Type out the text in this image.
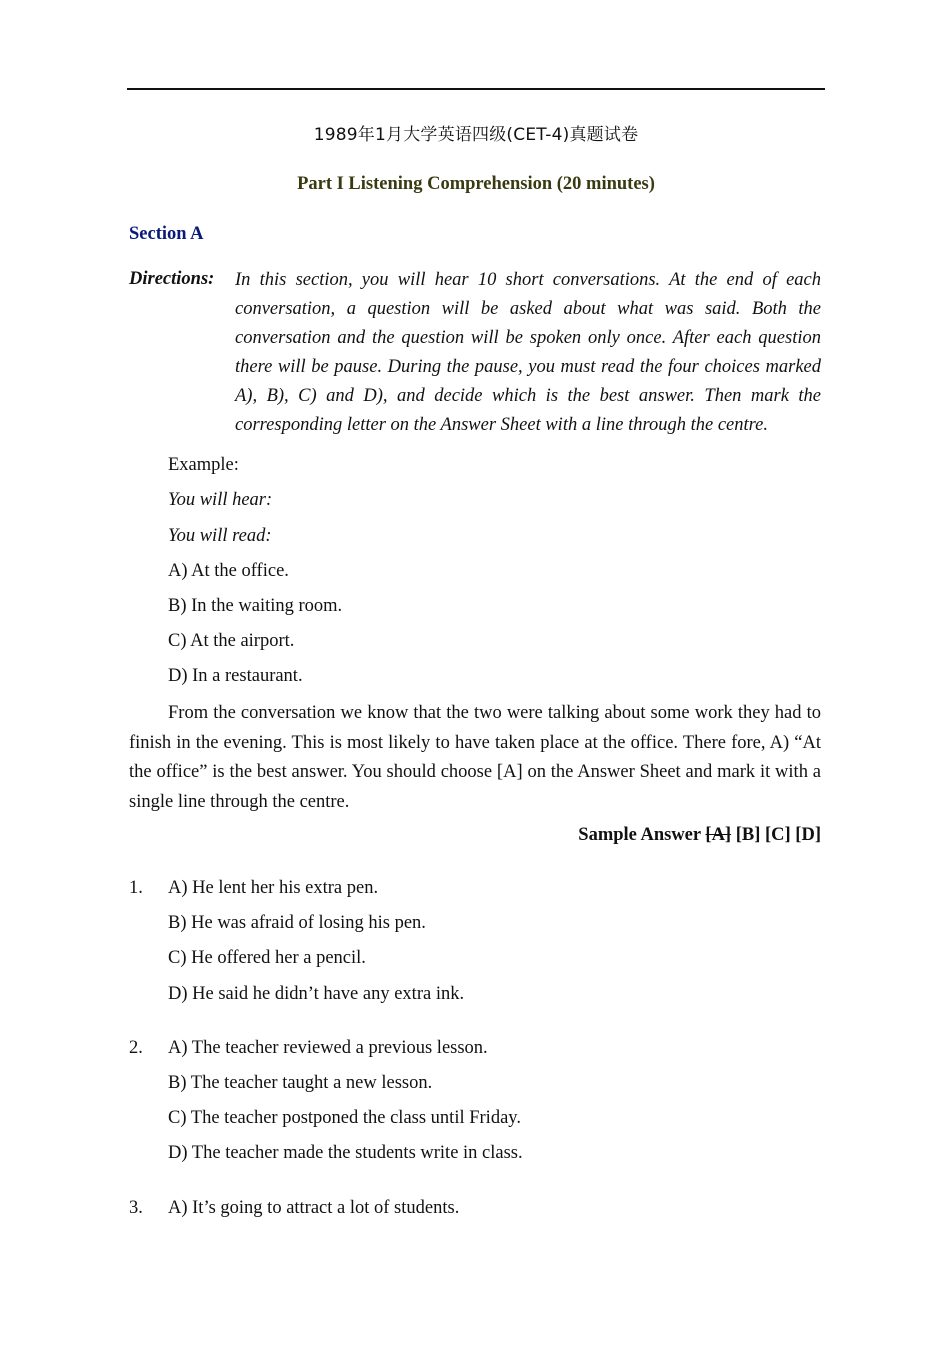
1989年1月大学英语四级(CET-4)真题试卷
Part I Listening Comprehension (20 minutes)
Section A
Directions: In this section, you will hear 10 short conversations. At the end of each conversation, a question will be asked about what was said. Both the conversation and the question will be spoken only once. After each question there will be pause. During the pause, you must read the four choices marked A), B), C) and D), and decide which is the best answer. Then mark the corresponding letter on the Answer Sheet with a line through the centre.

Example:
You will hear:
You will read:
A) At the office.
B) In the waiting room.
C) At the airport.
D) In a restaurant.

From the conversation we know that the two were talking about some work they had to finish in the evening. This is most likely to have taken place at the office. There fore, A) “At the office” is the best answer. You should choose [A] on the Answer Sheet and mark it with a single line through the centre.

Sample Answer [A] [B] [C] [D]
1. A) He lent her his extra pen.
B) He was afraid of losing his pen.
C) He offered her a pencil.
D) He said he didn’t have any extra ink.
2. A) The teacher reviewed a previous lesson.
B) The teacher taught a new lesson.
C) The teacher postponed the class until Friday.
D) The teacher made the students write in class.
3. A) It’s going to attract a lot of students.
